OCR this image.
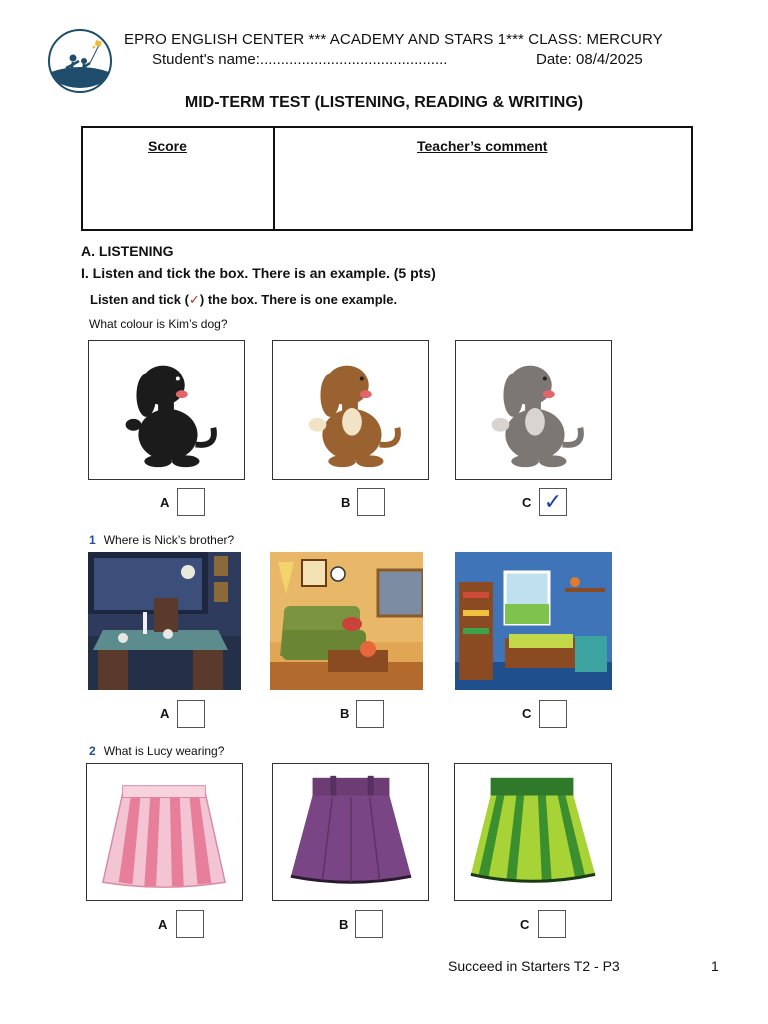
EPRO ENGLISH CENTER *** ACADEMY AND STARS 1*** CLASS: MERCURY
Student's name:.............................................	Date: 08/4/2025
MID-TERM TEST (LISTENING, READING & WRITING)
Score	Teacher’s comment
A. LISTENING
I. Listen and tick the box. There is an example. (5 pts)
Listen and tick (✓) the box. There is one example.
What colour is Kim’s dog?
A	B	C ✓
1 Where is Nick’s brother?
A	B	C
2 What is Lucy wearing?
A	B	C
Succeed in Starters T2 - P3	1
